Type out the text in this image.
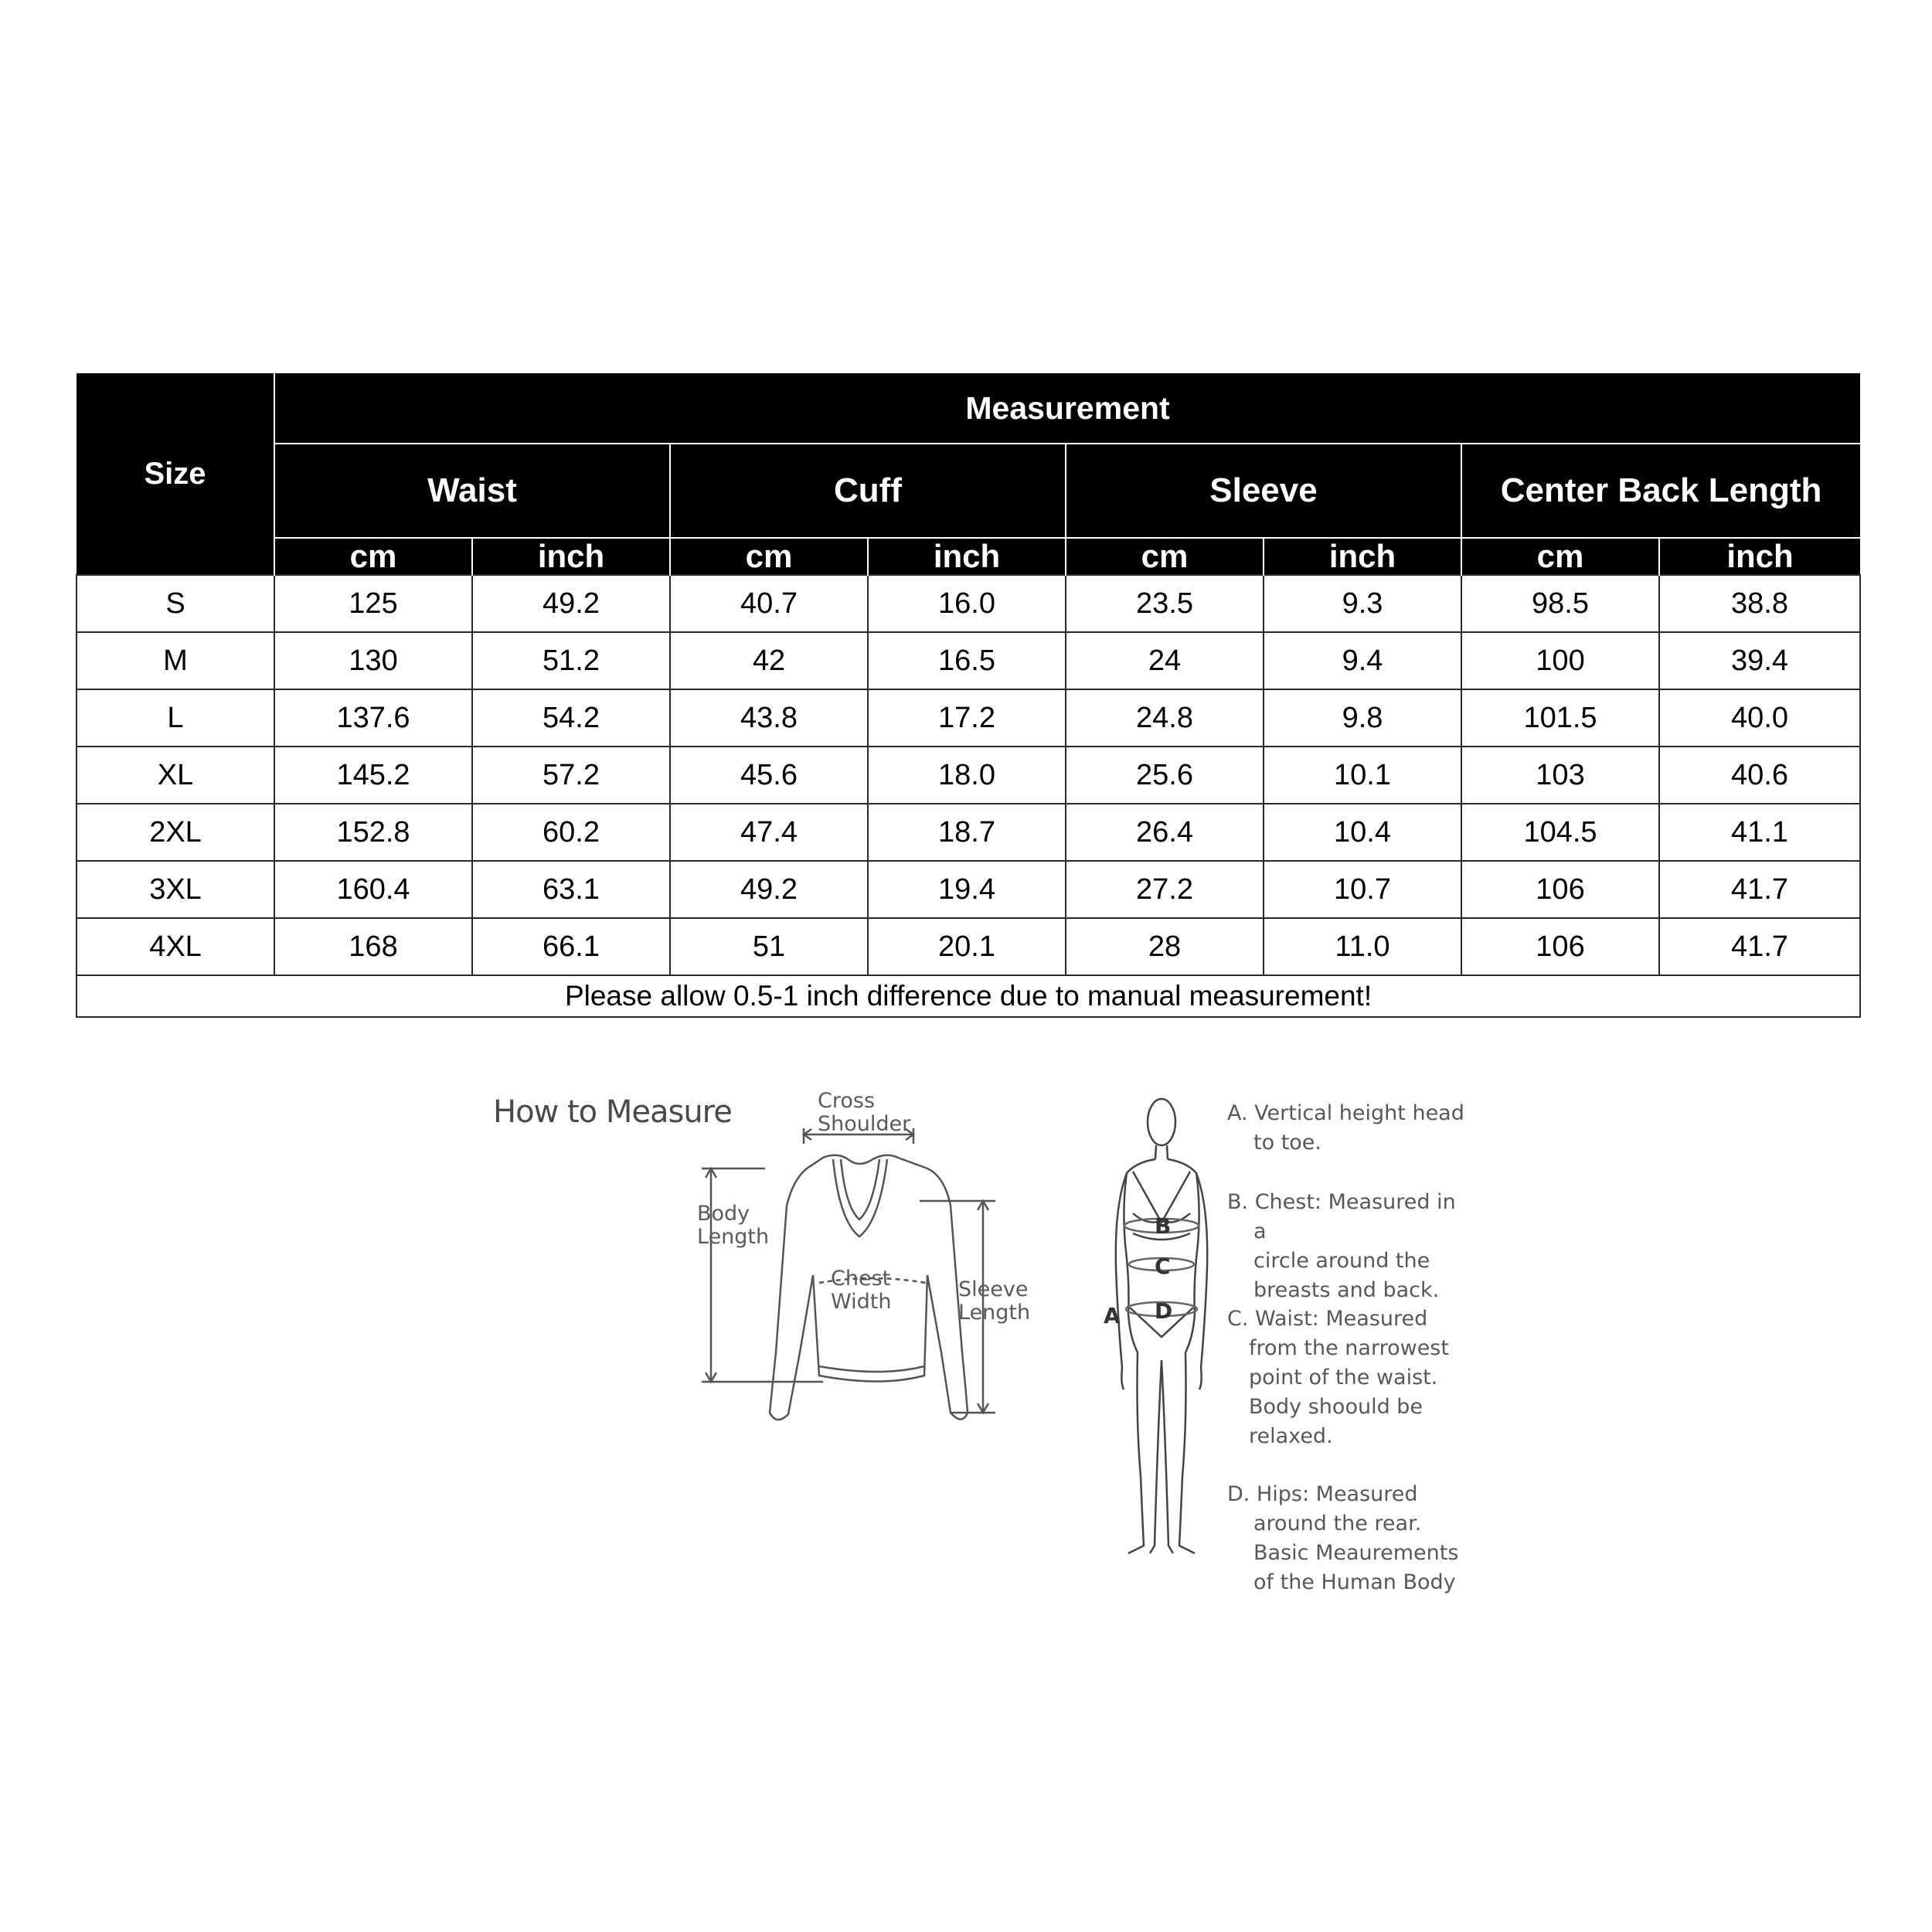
Size	Measurement							
	Waist		Cuff		Sleeve		Center Back Length	
	cm	inch	cm	inch	cm	inch	cm	inch
S	125	49.2	40.7	16.0	23.5	9.3	98.5	38.8
M	130	51.2	42	16.5	24	9.4	100	39.4
L	137.6	54.2	43.8	17.2	24.8	9.8	101.5	40.0
XL	145.2	57.2	45.6	18.0	25.6	10.1	103	40.6
2XL	152.8	60.2	47.4	18.7	26.4	10.4	104.5	41.1
3XL	160.4	63.1	49.2	19.4	27.2	10.7	106	41.7
4XL	168	66.1	51	20.1	28	11.0	106	41.7
Please allow 0.5-1 inch difference due to manual measurement!								
How to Measure	Cross
Shoulder
Body
Length
Chest
Width
Sleeve
Length	A
B
C
D
A. Vertical height head
to toe.
B. Chest: Measured in a
circle around the
breasts and back.
C. Waist: Measured
from the narrowest
point of the waist.
Body shoould be
relaxed.
D. Hips: Measured
around the rear.
Basic Meaurements
of the Human Body
